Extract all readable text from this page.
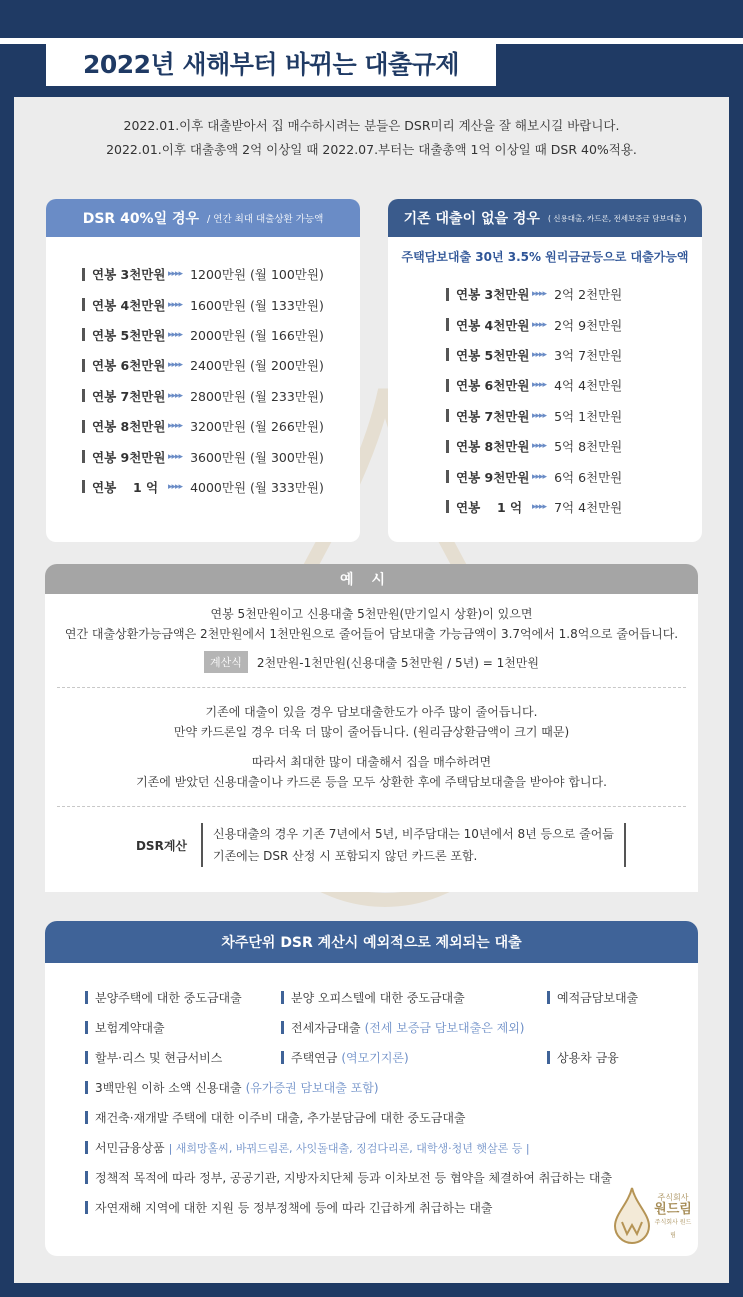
2022년 새해부터 바뀌는 대출규제

2022.01.이후 대출받아서 집 매수하시려는 분들은 DSR미리 계산을 잘 해보시길 바랍니다.

2022.01.이후 대출총액 2억 이상일 때 2022.07.부터는 대출총액 1억 이상일 때 DSR 40%적용.

DSR 40%일 경우 / 연간 최대 대출상환 가능액
연봉 3천만원 ▸▸▸▸ 1200만원 (월 100만원)
연봉 4천만원 ▸▸▸▸ 1600만원 (월 133만원)
연봉 5천만원 ▸▸▸▸ 2000만원 (월 166만원)
연봉 6천만원 ▸▸▸▸ 2400만원 (월 200만원)
연봉 7천만원 ▸▸▸▸ 2800만원 (월 233만원)
연봉 8천만원 ▸▸▸▸ 3200만원 (월 266만원)
연봉 9천만원 ▸▸▸▸ 3600만원 (월 300만원)
연봉 　1 억	▸▸▸▸ 4000만원 (월 333만원)
기존 대출이 없을 경우 ( 신용대출, 카드론, 전세보증금 담보대출 )
주택담보대출 30년 3.5% 원리금균등으로 대출가능액
연봉 3천만원 ▸▸▸▸ 2억 2천만원
연봉 4천만원 ▸▸▸▸ 2억 9천만원
연봉 5천만원 ▸▸▸▸ 3억 7천만원
연봉 6천만원 ▸▸▸▸ 4억 4천만원
연봉 7천만원 ▸▸▸▸ 5억 1천만원
연봉 8천만원 ▸▸▸▸ 5억 8천만원
연봉 9천만원 ▸▸▸▸ 6억 6천만원
연봉 　1 억	▸▸▸▸ 7억 4천만원
예시

연봉 5천만원이고 신용대출 5천만원(만기일시 상환)이 있으면

연간 대출상환가능금액은 2천만원에서 1천만원으로 줄어들어 담보대출 가능금액이 3.7억에서 1.8억으로 줄어듭니다.

계산식	2천만원-1천만원(신용대출 5천만원 / 5년) = 1천만원

기존에 대출이 있을 경우 담보대출한도가 아주 많이 줄어듭니다.

만약 카드론일 경우 더욱 더 많이 줄어듭니다. (원리금상환금액이 크기 때문)

따라서 최대한 많이 대출해서 집을 매수하려면

기존에 받았던 신용대출이나 카드론 등을 모두 상환한 후에 주택담보대출을 받아야 합니다.

DSR계산

신용대출의 경우 기존 7년에서 5년, 비주담대는 10년에서 8년 등으로 줄어듦

기존에는 DSR 산정 시 포함되지 않던 카드론 포함.

차주단위 DSR 계산시 예외적으로 제외되는 대출
분양주택에 대한 중도금대출	분양 오피스텔에 대한 중도금대출	예적금담보대출
보험계약대출	전세자금대출 (전세 보증금 담보대출은 제외)
할부·리스 및 현금서비스	주택연금 (역모기지론)	상용차 금융
3백만원 이하 소액 신용대출 (유가증권 담보대출 포함)
재건축·재개발 주택에 대한 이주비 대출, 추가분담금에 대한 중도금대출
서민금융상품 | 새희망홀씨, 바꿔드림론, 사잇돌대출, 징검다리론, 대학생·청년 햇살론 등 |
정책적 목적에 따라 정부, 공공기관, 지방자치단체 등과 이차보전 등 협약을 체결하여 취급하는 대출
자연재해 지역에 대한 지원 등 정부정책에 등에 따라 긴급하게 취급하는 대출
주식회사
원드림
주식회사 원드림
